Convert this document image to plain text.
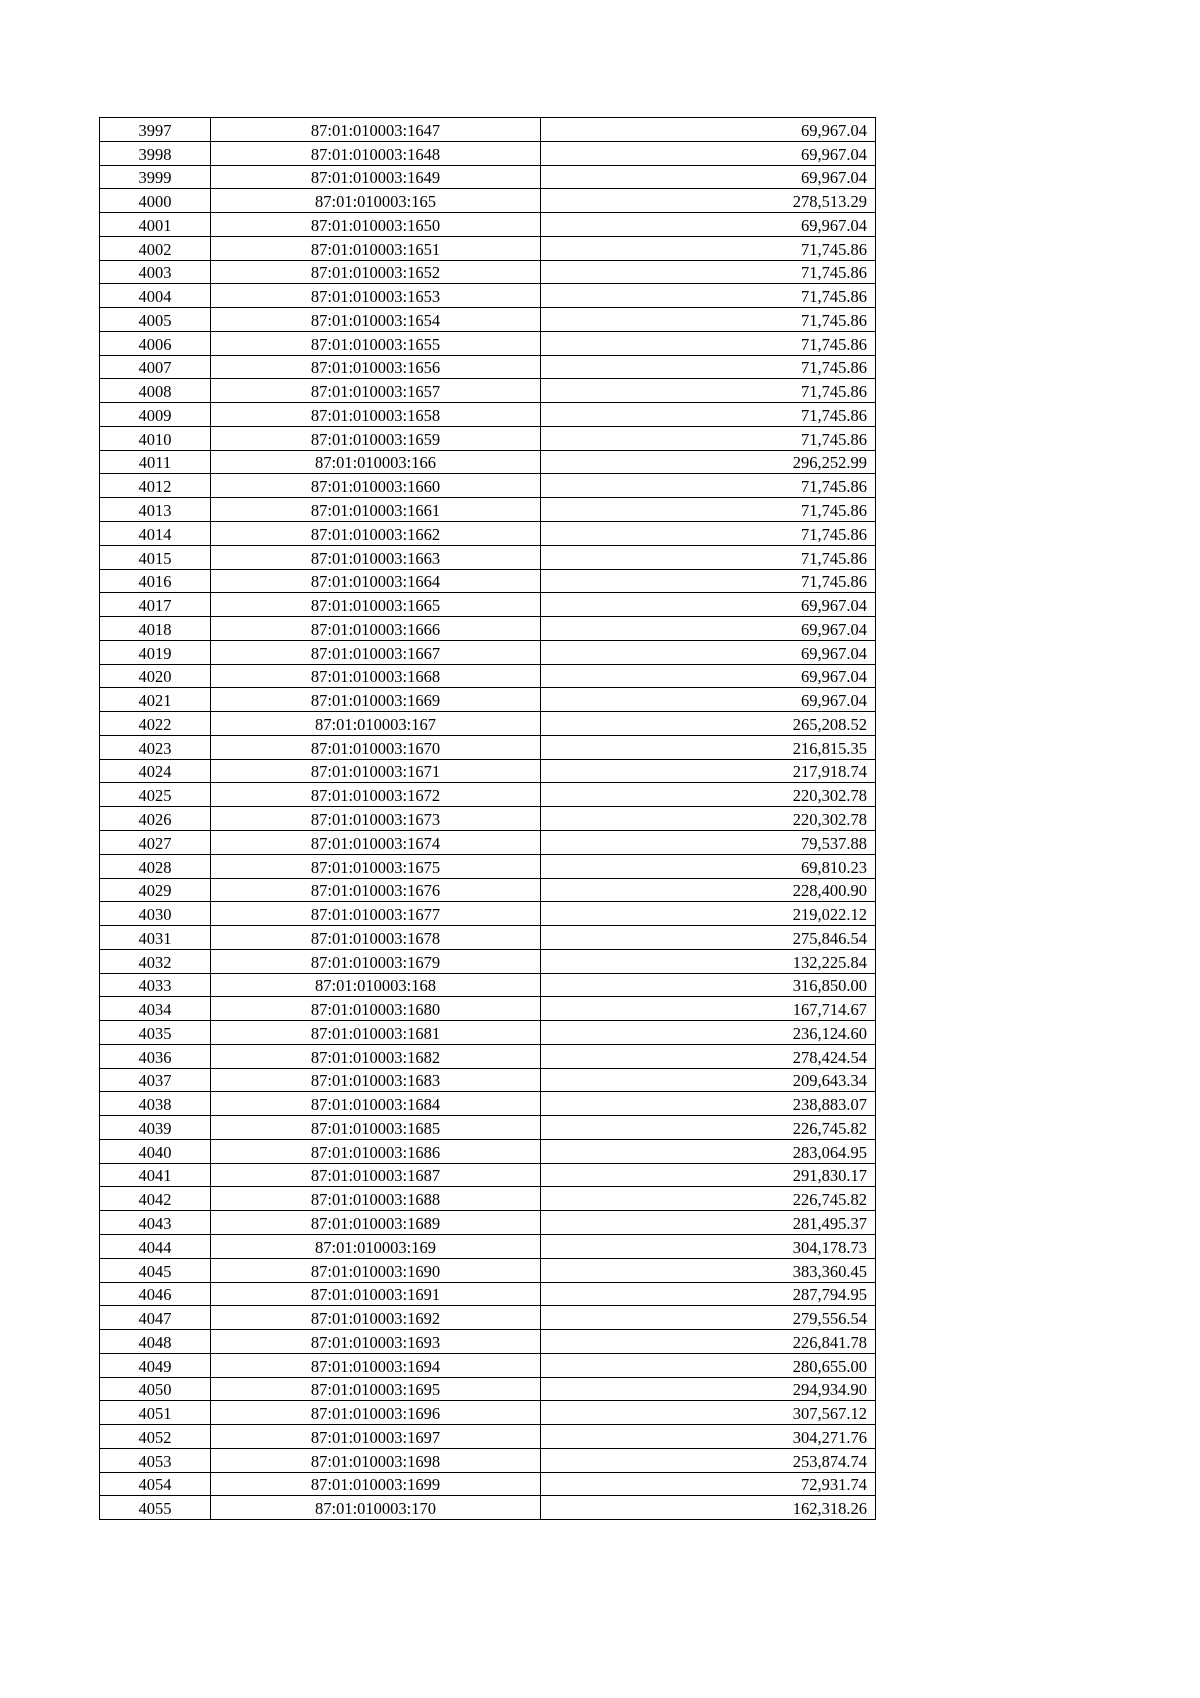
3997	87:01:010003:1647	69,967.04
3998	87:01:010003:1648	69,967.04
3999	87:01:010003:1649	69,967.04
4000	87:01:010003:165	278,513.29
4001	87:01:010003:1650	69,967.04
4002	87:01:010003:1651	71,745.86
4003	87:01:010003:1652	71,745.86
4004	87:01:010003:1653	71,745.86
4005	87:01:010003:1654	71,745.86
4006	87:01:010003:1655	71,745.86
4007	87:01:010003:1656	71,745.86
4008	87:01:010003:1657	71,745.86
4009	87:01:010003:1658	71,745.86
4010	87:01:010003:1659	71,745.86
4011	87:01:010003:166	296,252.99
4012	87:01:010003:1660	71,745.86
4013	87:01:010003:1661	71,745.86
4014	87:01:010003:1662	71,745.86
4015	87:01:010003:1663	71,745.86
4016	87:01:010003:1664	71,745.86
4017	87:01:010003:1665	69,967.04
4018	87:01:010003:1666	69,967.04
4019	87:01:010003:1667	69,967.04
4020	87:01:010003:1668	69,967.04
4021	87:01:010003:1669	69,967.04
4022	87:01:010003:167	265,208.52
4023	87:01:010003:1670	216,815.35
4024	87:01:010003:1671	217,918.74
4025	87:01:010003:1672	220,302.78
4026	87:01:010003:1673	220,302.78
4027	87:01:010003:1674	79,537.88
4028	87:01:010003:1675	69,810.23
4029	87:01:010003:1676	228,400.90
4030	87:01:010003:1677	219,022.12
4031	87:01:010003:1678	275,846.54
4032	87:01:010003:1679	132,225.84
4033	87:01:010003:168	316,850.00
4034	87:01:010003:1680	167,714.67
4035	87:01:010003:1681	236,124.60
4036	87:01:010003:1682	278,424.54
4037	87:01:010003:1683	209,643.34
4038	87:01:010003:1684	238,883.07
4039	87:01:010003:1685	226,745.82
4040	87:01:010003:1686	283,064.95
4041	87:01:010003:1687	291,830.17
4042	87:01:010003:1688	226,745.82
4043	87:01:010003:1689	281,495.37
4044	87:01:010003:169	304,178.73
4045	87:01:010003:1690	383,360.45
4046	87:01:010003:1691	287,794.95
4047	87:01:010003:1692	279,556.54
4048	87:01:010003:1693	226,841.78
4049	87:01:010003:1694	280,655.00
4050	87:01:010003:1695	294,934.90
4051	87:01:010003:1696	307,567.12
4052	87:01:010003:1697	304,271.76
4053	87:01:010003:1698	253,874.74
4054	87:01:010003:1699	72,931.74
4055	87:01:010003:170	162,318.26
